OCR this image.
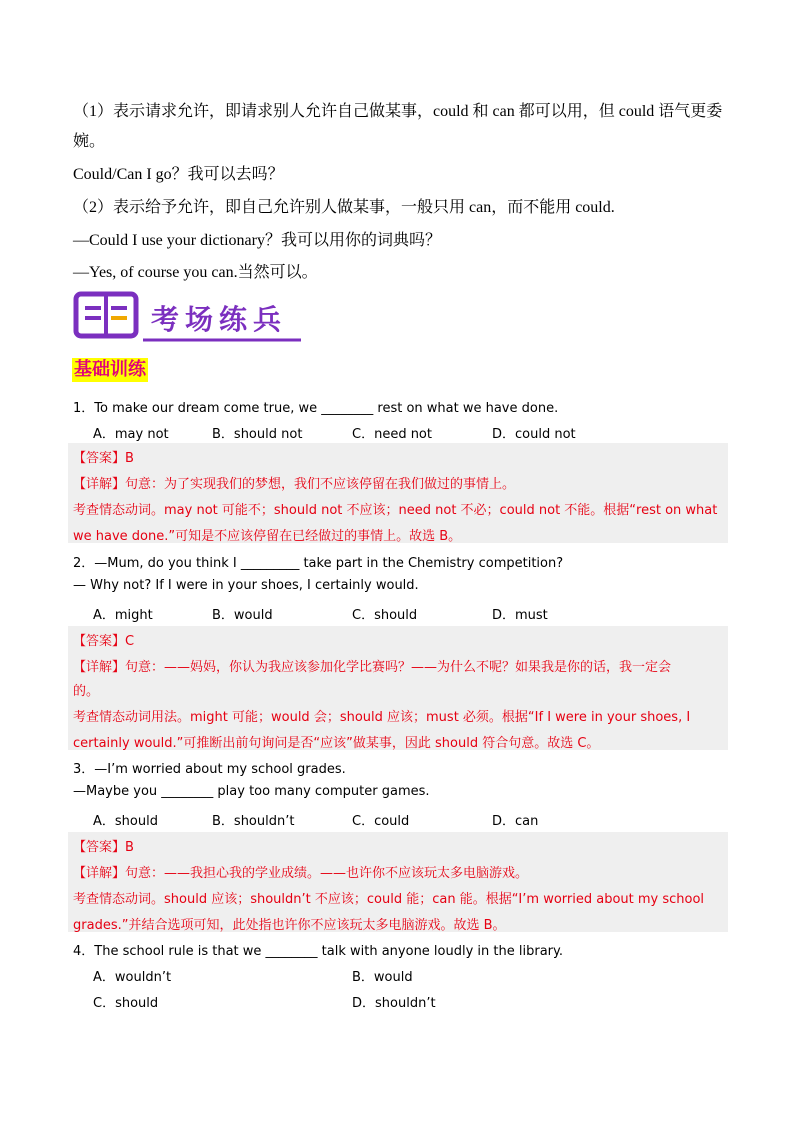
（1）表示请求允许，即请求别人允许自己做某事，could 和 can 都可以用，但 could 语气更委
婉。
Could/Can I go？我可以去吗？
（2）表示给予允许，即自己允许别人做某事，一般只用 can，而不能用 could.
—Could I use your dictionary？我可以用你的词典吗？
—Yes, of course you can.当然可以。
考场练兵
基础训练
1．To make our dream come true, we ________ rest on what we have done.
A．may not	B．should not	C．need not	D．could not
【答案】B
【详解】句意：为了实现我们的梦想，我们不应该停留在我们做过的事情上。
考查情态动词。may not 可能不；should not 不应该；need not 不必；could not 不能。根据“rest on what
we have done.”可知是不应该停留在已经做过的事情上。故选 B。
2．—Mum, do you think I _________ take part in the Chemistry competition?
— Why not? If I were in your shoes, I certainly would.
A．might	B．would	C．should	D．must
【答案】C
【详解】句意：——妈妈，你认为我应该参加化学比赛吗？——为什么不呢？如果我是你的话，我一定会
的。
考查情态动词用法。might 可能；would 会；should 应该；must 必须。根据“If I were in your shoes, I
certainly would.”可推断出前句询问是否“应该”做某事，因此 should 符合句意。故选 C。
3．—I’m worried about my school grades.
—Maybe you ________ play too many computer games.
A．should	B．shouldn’t	C．could	D．can
【答案】B
【详解】句意：——我担心我的学业成绩。——也许你不应该玩太多电脑游戏。
考查情态动词。should 应该；shouldn’t 不应该；could 能；can 能。根据“I’m worried about my school
grades.”并结合选项可知，此处指也许你不应该玩太多电脑游戏。故选 B。
4．The school rule is that we ________ talk with anyone loudly in the library.
A．wouldn’t	B．would
C．should	D．shouldn’t
